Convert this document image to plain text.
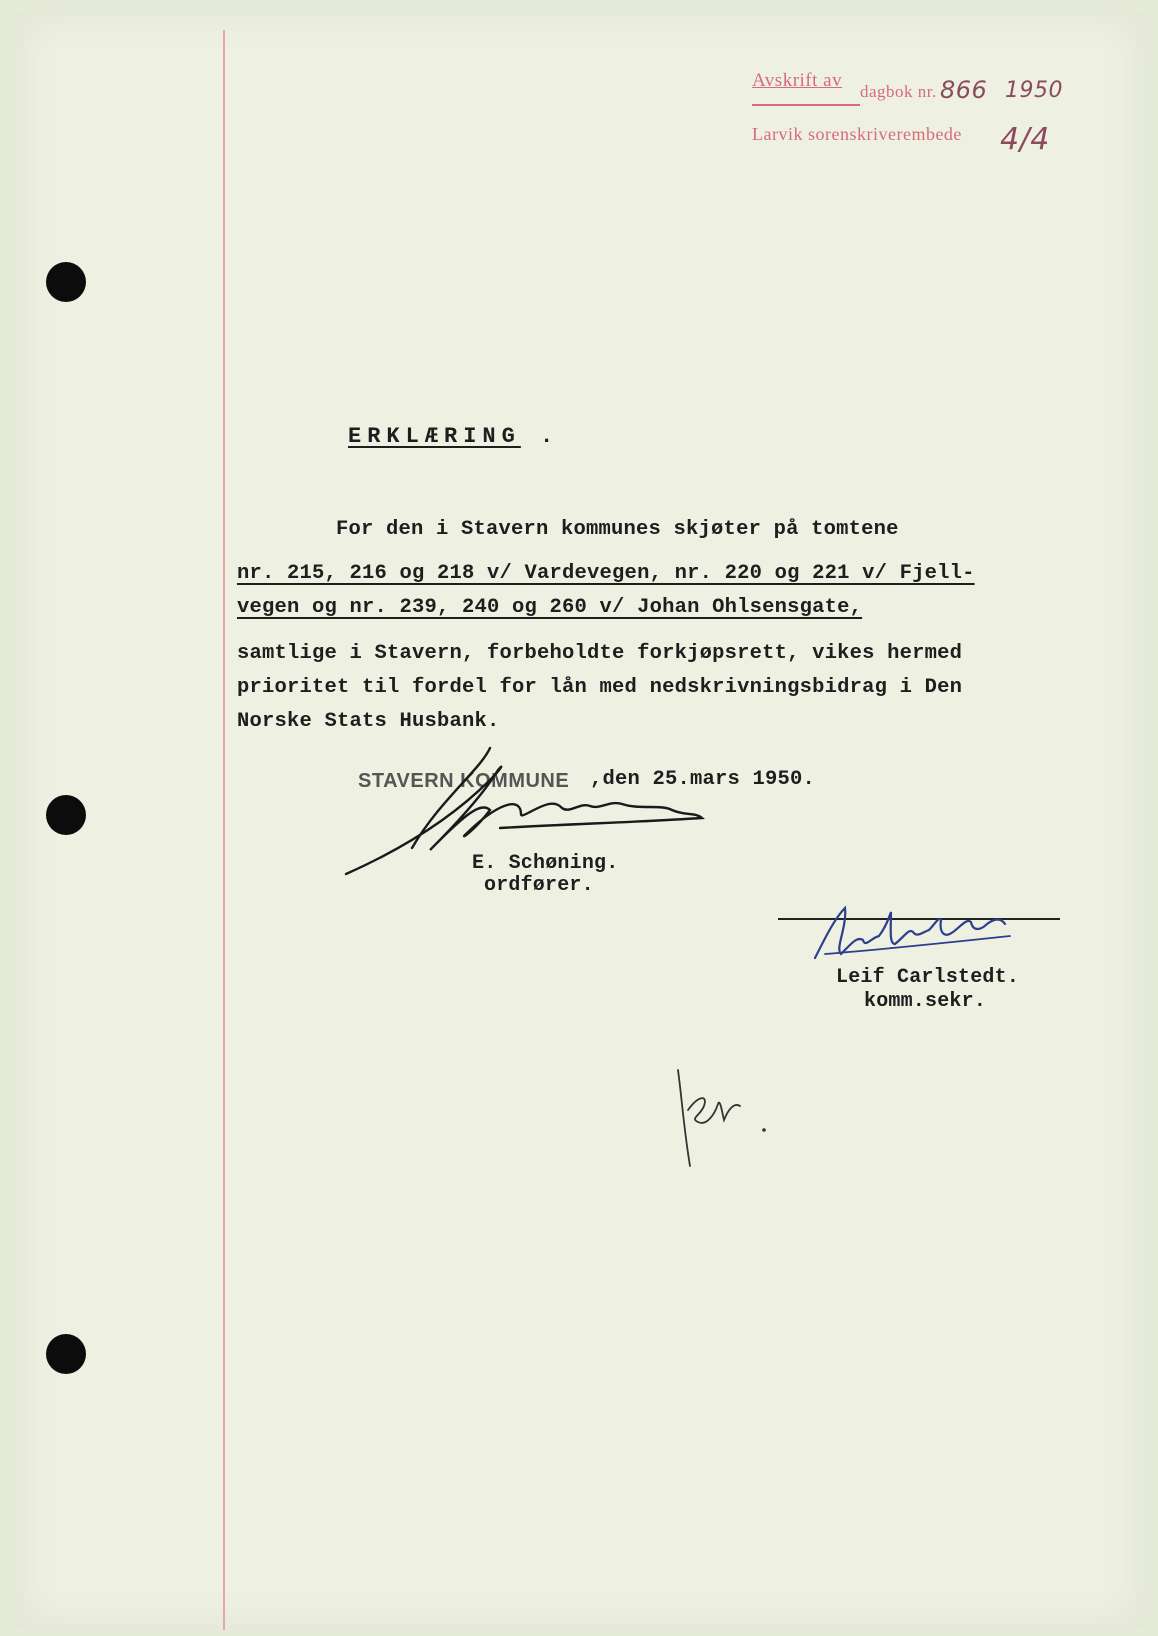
Avskrift av
dagbok nr. 866 1950
Larvik sorenskriverembede 4/4
ERKLÆRING .
For den i Stavern kommunes skjøter på tomtene
nr. 215, 216 og 218 v/ Vardevegen, nr. 220 og 221 v/ Fjell-
vegen og nr. 239, 240 og 260 v/ Johan Ohlsensgate,
samtlige i Stavern, forbeholdte forkjøpsrett, vikes hermed
prioritet til fordel for lån med nedskrivningsbidrag i Den
Norske Stats Husbank.
STAVERN KOMMUNE ,den 25.mars 1950.
E. Schøning.
ordfører.
Leif Carlstedt.
komm.sekr.
